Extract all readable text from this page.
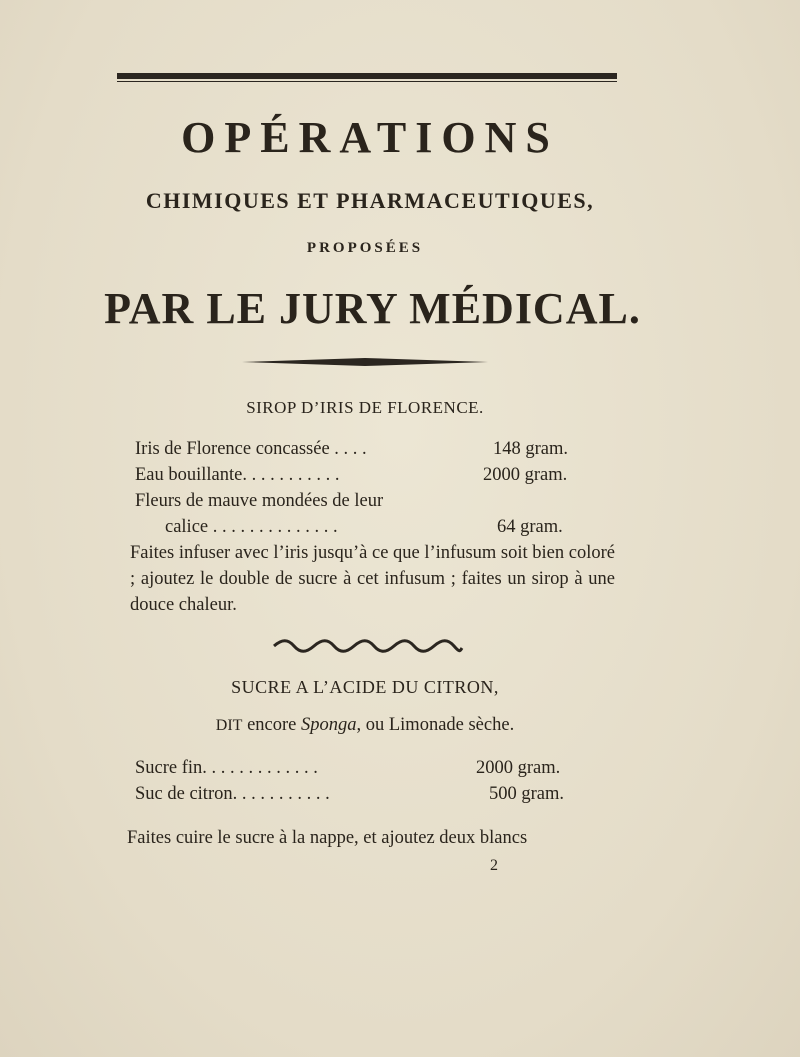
OPÉRATIONS
CHIMIQUES ET PHARMACEUTIQUES,
PROPOSÉES
PAR LE JURY MÉDICAL.
SIROP D’IRIS DE FLORENCE.
Iris de Florence concassée . . . .	148 gram.
Eau bouillante. . . . . . . . . . .	2000 gram.
Fleurs de mauve mondées de leur
calice . . . . . . . . . . . . . .	64 gram.
Faites infuser avec l’iris jusqu’à ce que l’infusum soit bien coloré ; ajoutez le double de sucre à cet infusum ; faites un sirop à une douce chaleur.
SUCRE A L’ACIDE DU CITRON,
DIT encore Sponga, ou Limonade sèche.
Sucre fin. . . . . . . . . . . . .	2000 gram.
Suc de citron. . . . . . . . . . .	500 gram.
Faites cuire le sucre à la nappe, et ajoutez deux blancs
2
